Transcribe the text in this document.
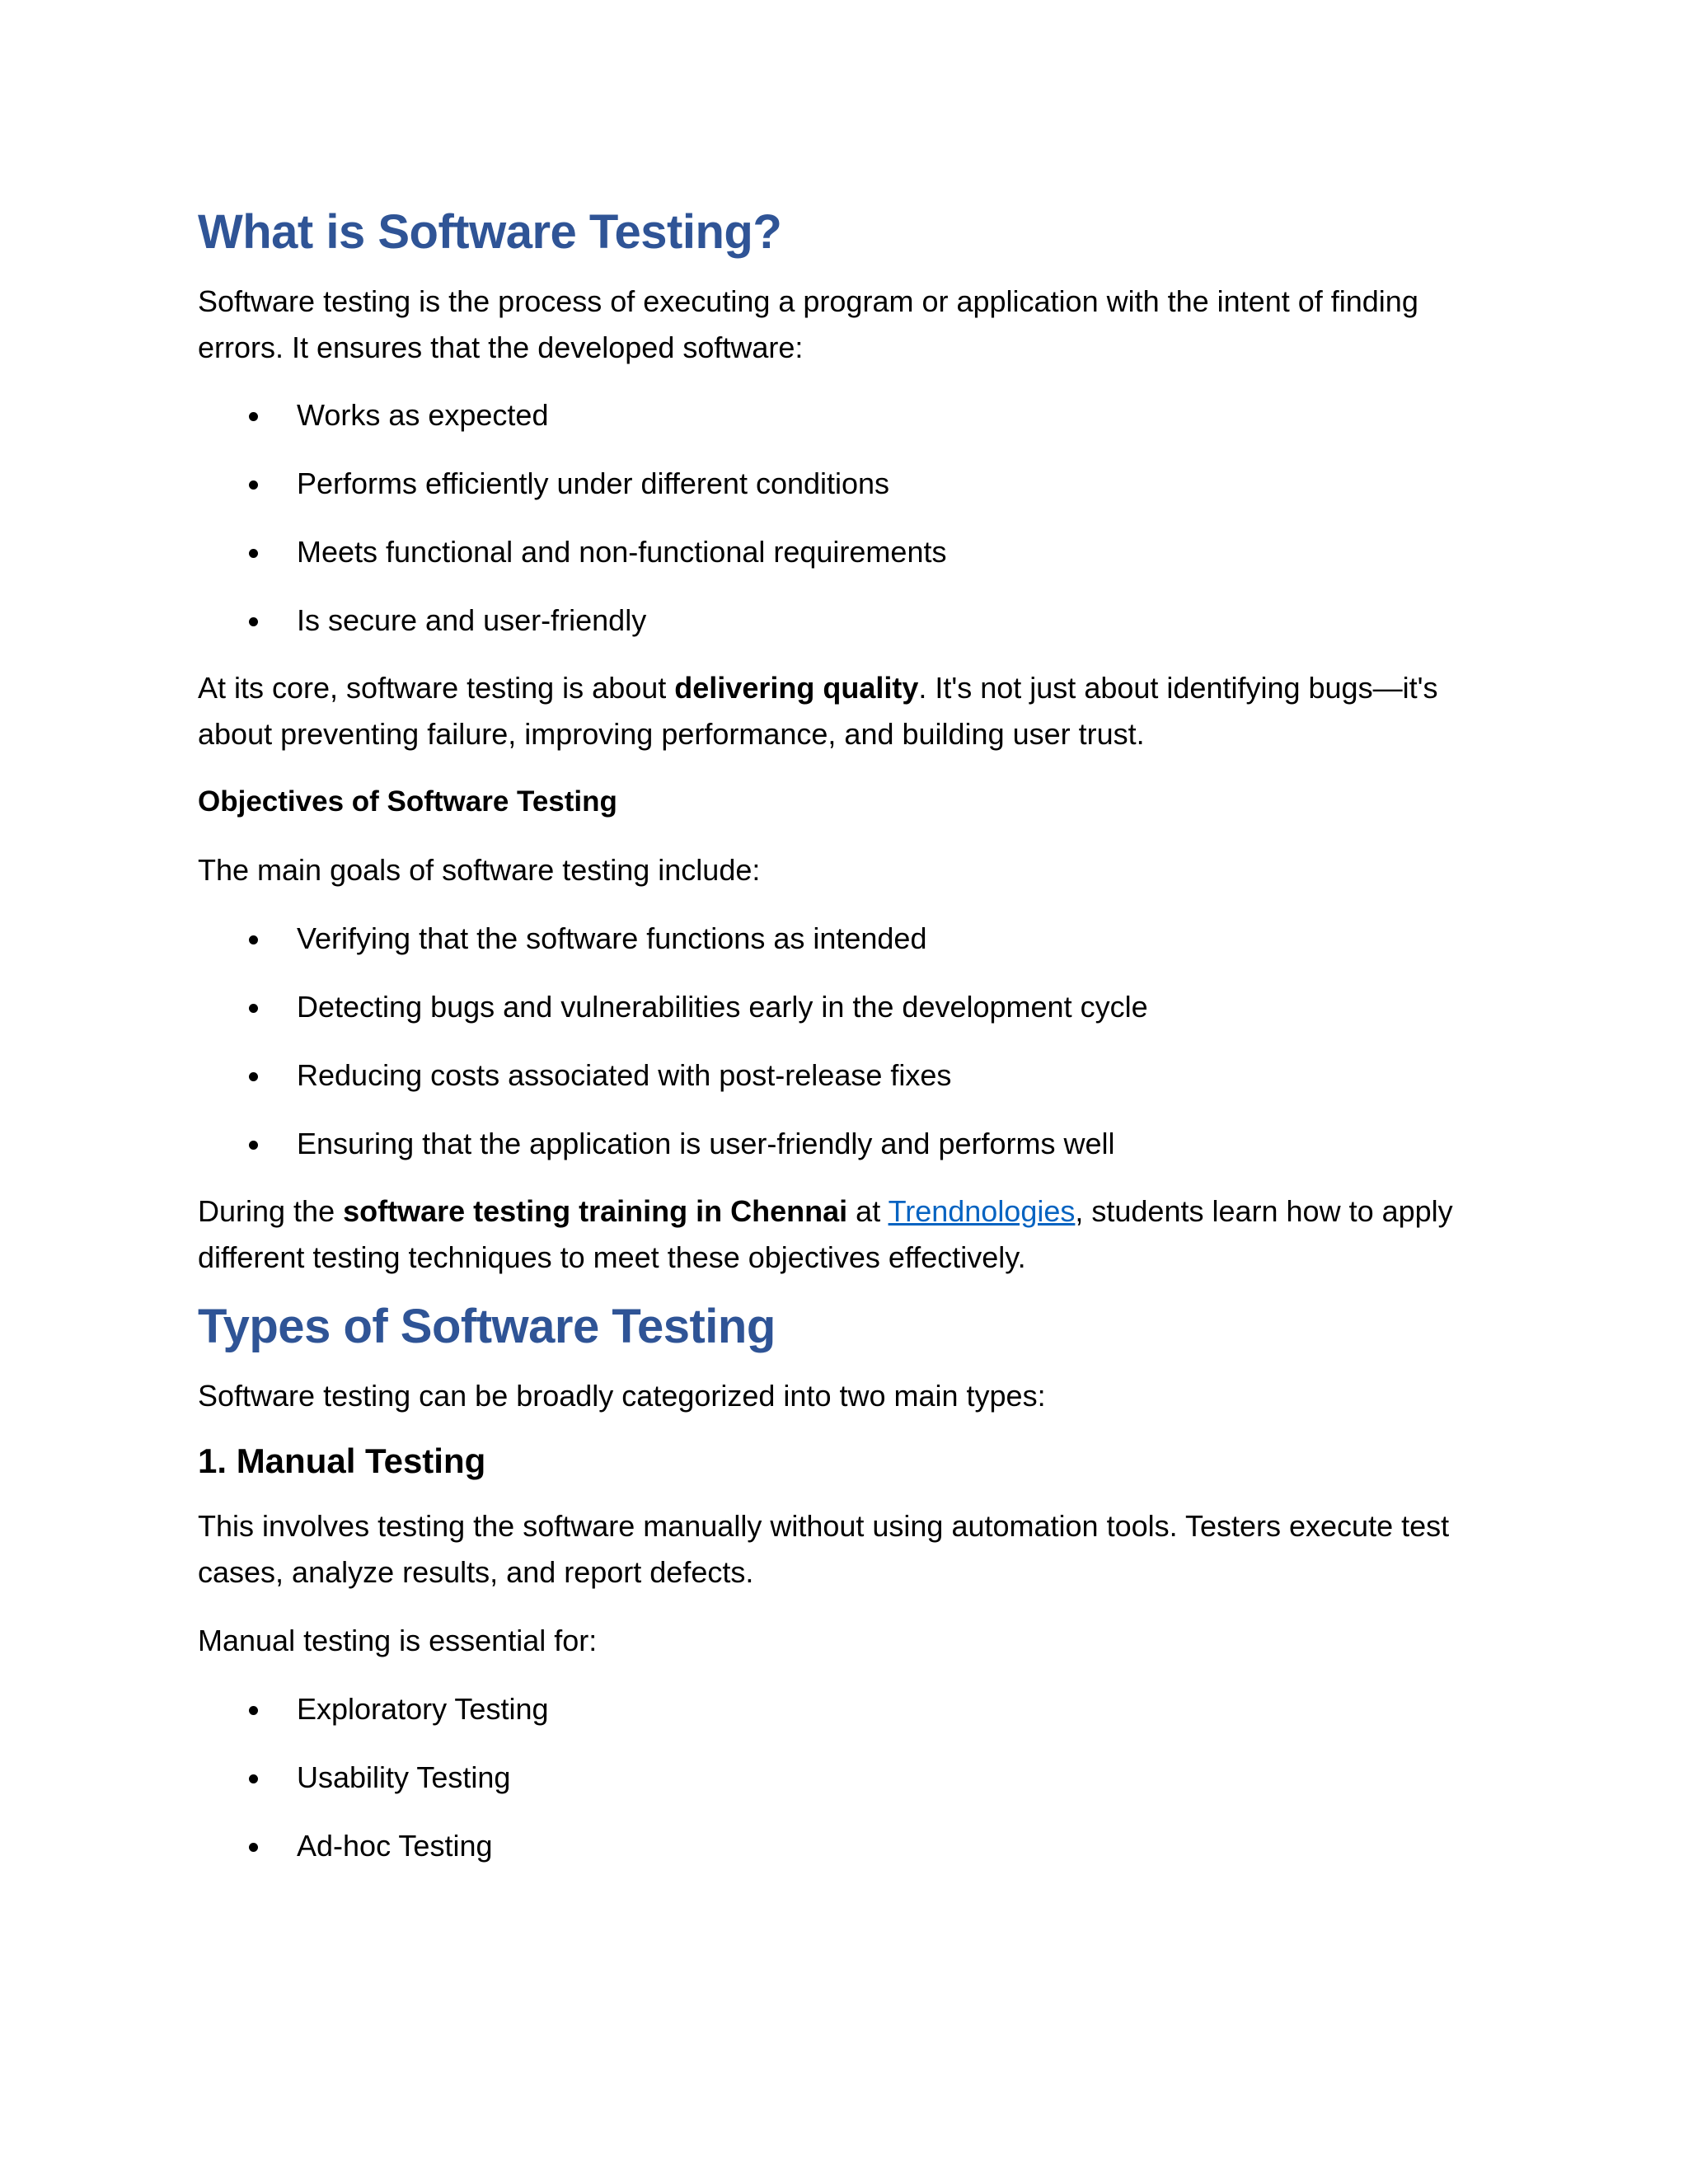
What is Software Testing?

Software testing is the process of executing a program or application with the intent of finding
errors. It ensures that the developed software:

Works as expected
Performs efficiently under different conditions
Meets functional and non-functional requirements
Is secure and user-friendly

At its core, software testing is about delivering quality. It's not just about identifying bugs—it's
about preventing failure, improving performance, and building user trust.

Objectives of Software Testing

The main goals of software testing include:

Verifying that the software functions as intended
Detecting bugs and vulnerabilities early in the development cycle
Reducing costs associated with post-release fixes
Ensuring that the application is user-friendly and performs well

During the software testing training in Chennai at Trendnologies, students learn how to apply
different testing techniques to meet these objectives effectively.

Types of Software Testing

Software testing can be broadly categorized into two main types:

1. Manual Testing

This involves testing the software manually without using automation tools. Testers execute test
cases, analyze results, and report defects.

Manual testing is essential for:

Exploratory Testing
Usability Testing
Ad-hoc Testing
